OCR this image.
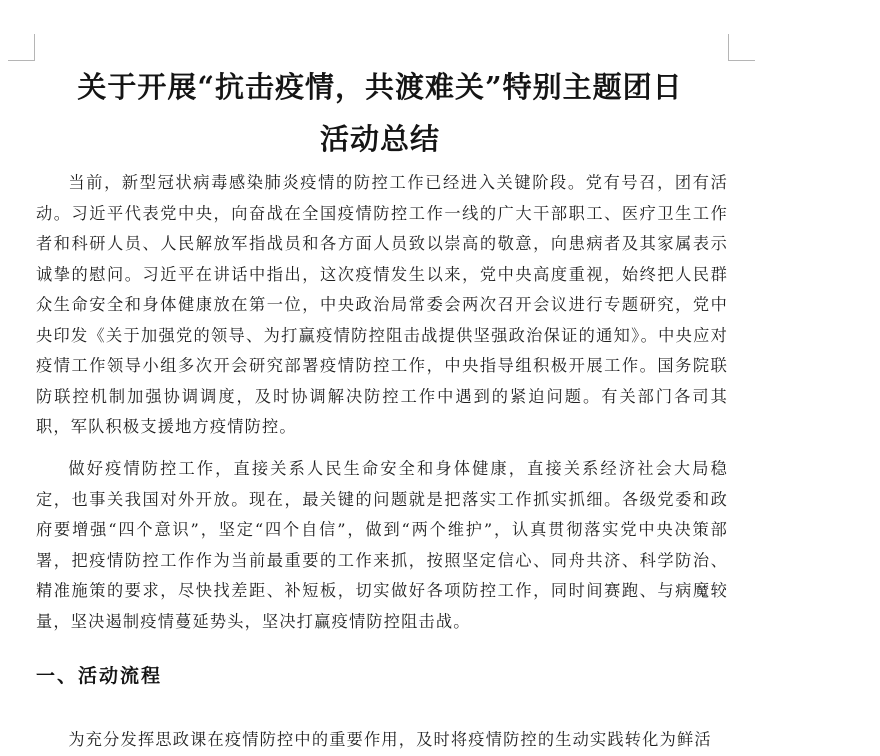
关于开展“抗击疫情，共渡难关”特别主题团日
活动总结

当前，新型冠状病毒感染肺炎疫情的防控工作已经进入关键阶段。党有号召，团有活动。习近平代表党中央，向奋战在全国疫情防控工作一线的广大干部职工、医疗卫生工作者和科研人员、人民解放军指战员和各方面人员致以崇高的敬意，向患病者及其家属表示诚挚的慰问。习近平在讲话中指出，这次疫情发生以来，党中央高度重视，始终把人民群众生命安全和身体健康放在第一位，中央政治局常委会两次召开会议进行专题研究，党中央印发《关于加强党的领导、为打赢疫情防控阻击战提供坚强政治保证的通知》。中央应对疫情工作领导小组多次开会研究部署疫情防控工作，中央指导组积极开展工作。国务院联防联控机制加强协调调度，及时协调解决防控工作中遇到的紧迫问题。有关部门各司其职，军队积极支援地方疫情防控。

做好疫情防控工作，直接关系人民生命安全和身体健康，直接关系经济社会大局稳定，也事关我国对外开放。现在，最关键的问题就是把落实工作抓实抓细。各级党委和政府要增强“四个意识”，坚定“四个自信”，做到“两个维护”，认真贯彻落实党中央决策部署，把疫情防控工作作为当前最重要的工作来抓，按照坚定信心、同舟共济、科学防治、精准施策的要求，尽快找差距、补短板，切实做好各项防控工作，同时间赛跑、与病魔较量，坚决遏制疫情蔓延势头，坚决打赢疫情防控阻击战。

一、活动流程

为充分发挥思政课在疫情防控中的重要作用，及时将疫情防控的生动实践转化为鲜活
